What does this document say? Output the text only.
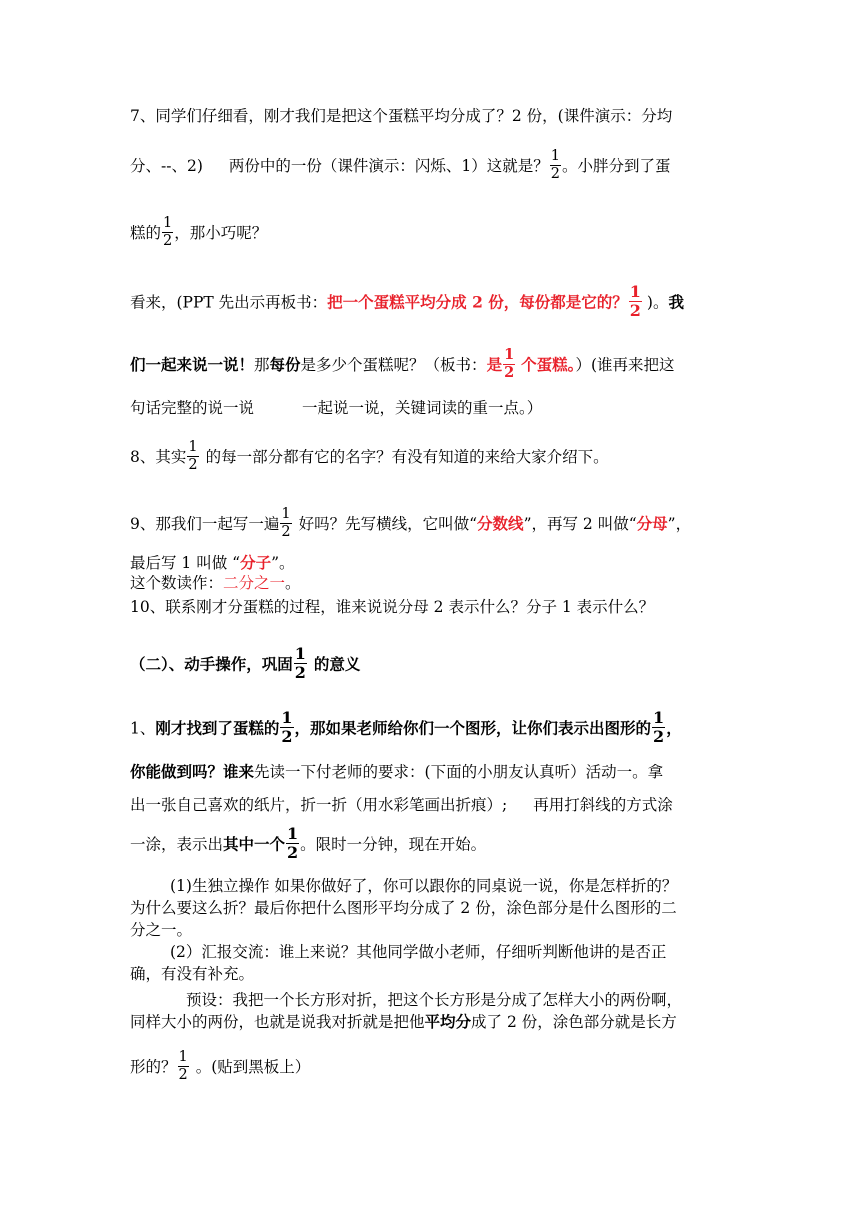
7、同学们仔细看，刚才我们是把这个蛋糕平均分成了？2 份，(课件演示：分均
分、--、2) 两份中的一份（课件演示：闪烁、1）这就是？ $\frac{1}{2}$ 。小胖分到了蛋
糕的 $\frac{1}{2}$ ，那小巧呢？
看来，(PPT 先出示再板书：把一个蛋糕平均分成 2 份，每份都是它的？ $\frac{1}{2}$ )。我
们一起来说一说！那每份是多少个蛋糕呢？（板书：是 $\frac{1}{2}$ 个蛋糕。）(谁再来把这
句话完整的说一说	一起说一说，关键词读的重一点。）
8、其实 $\frac{1}{2}$ 的每一部分都有它的名字？有没有知道的来给大家介绍下。
9、那我们一起写一遍 $\frac{1}{2}$ 好吗？先写横线，它叫做“分数线”，再写 2 叫做“分母”，
最后写 1 叫做 “分子”。
这个数读作：二分之一。
10、联系刚才分蛋糕的过程，谁来说说分母 2 表示什么？分子 1 表示什么？
（二）、动手操作，巩固 $\frac{1}{2}$ 的意义
1、刚才找到了蛋糕的 $\frac{1}{2}$ ，那如果老师给你们一个图形，让你们表示出图形的 $\frac{1}{2}$ ，
你能做到吗？谁来先读一下付老师的要求：(下面的小朋友认真听）活动一。拿
出一张自己喜欢的纸片，折一折（用水彩笔画出折痕）; 再用打斜线的方式涂
一涂，表示出其中一个 $\frac{1}{2}$ 。限时一分钟，现在开始。
(1)生独立操作 如果你做好了，你可以跟你的同桌说一说，你是怎样折的？
为什么要这么折？最后你把什么图形平均分成了 2 份，涂色部分是什么图形的二
分之一。
(2）汇报交流：谁上来说？其他同学做小老师，仔细听判断他讲的是否正
确，有没有补充。
预设：我把一个长方形对折，把这个长方形是分成了怎样大小的两份啊，
同样大小的两份，也就是说我对折就是把他平均分成了 2 份，涂色部分就是长方
形的？ $\frac{1}{2}$ 。(贴到黑板上）
